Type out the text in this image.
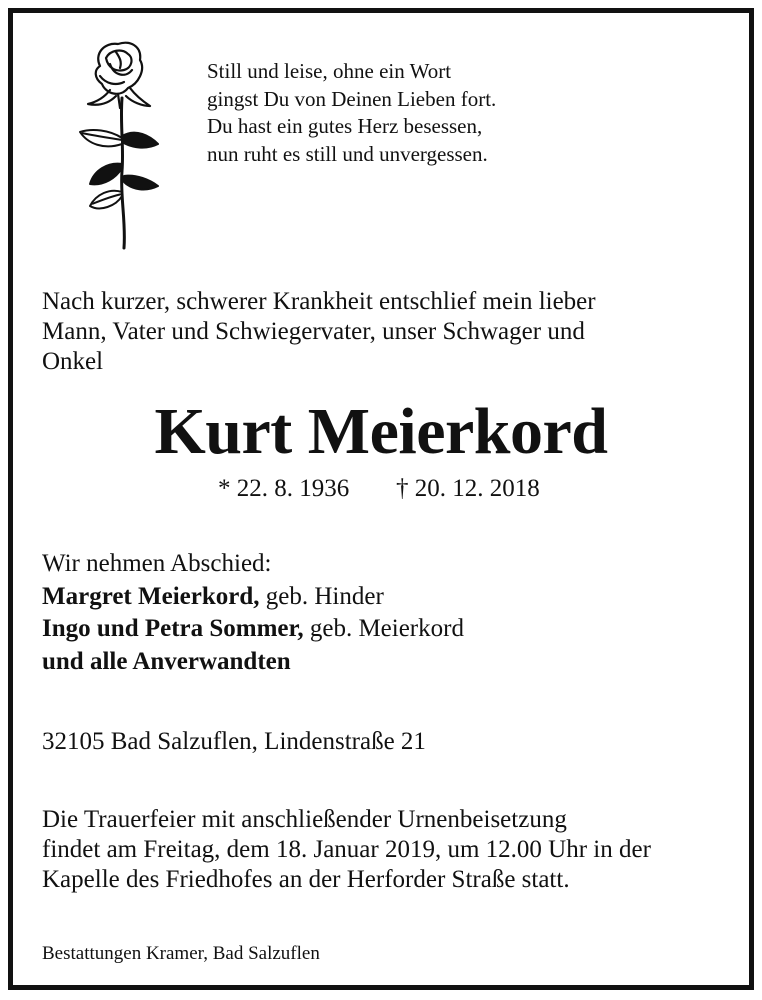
Still und leise, ohne ein Wort
gingst Du von Deinen Lieben fort.
Du hast ein gutes Herz besessen,
nun ruht es still und unvergessen.
Nach kurzer, schwerer Krankheit entschlief mein lieber
Mann, Vater und Schwiegervater, unser Schwager und
Onkel
Kurt Meierkord
* 22. 8. 1936 † 20. 12. 2018
Wir nehmen Abschied:
Margret Meierkord, geb. Hinder
Ingo und Petra Sommer, geb. Meierkord
und alle Anverwandten
32105 Bad Salzuflen, Lindenstraße 21
Die Trauerfeier mit anschließender Urnenbeisetzung
findet am Freitag, dem 18. Januar 2019, um 12.00 Uhr in der
Kapelle des Friedhofes an der Herforder Straße statt.
Bestattungen Kramer, Bad Salzuflen
